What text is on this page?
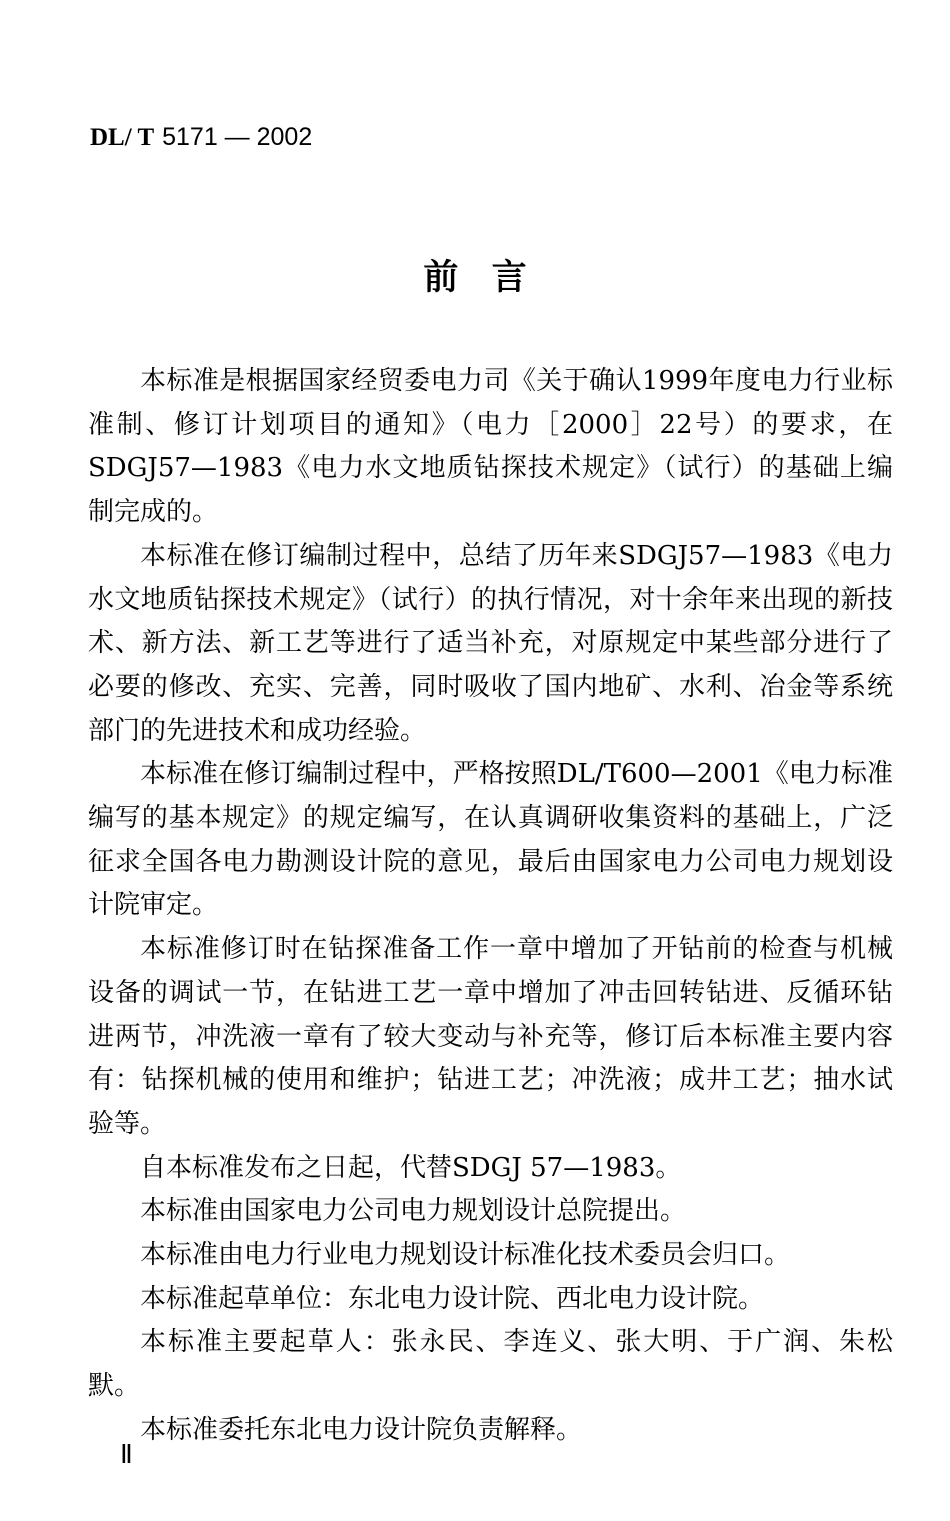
DL/ T 5171 — 2002
前言

本标准是根据国家经贸委电力司《关于确认1999年度电力行业标准制、修订计划项目的通知》（电力［2000］22号）的要求，在SDGJ57—1983《电力水文地质钻探技术规定》（试行）的基础上编制完成的。

本标准在修订编制过程中，总结了历年来SDGJ57—1983《电力水文地质钻探技术规定》（试行）的执行情况，对十余年来出现的新技术、新方法、新工艺等进行了适当补充，对原规定中某些部分进行了必要的修改、充实、完善，同时吸收了国内地矿、水利、冶金等系统部门的先进技术和成功经验。

本标准在修订编制过程中，严格按照DL/T600—2001《电力标准编写的基本规定》的规定编写，在认真调研收集资料的基础上，广泛征求全国各电力勘测设计院的意见，最后由国家电力公司电力规划设计院审定。

本标准修订时在钻探准备工作一章中增加了开钻前的检查与机械设备的调试一节，在钻进工艺一章中增加了冲击回转钻进、反循环钻进两节，冲洗液一章有了较大变动与补充等，修订后本标准主要内容有：钻探机械的使用和维护；钻进工艺；冲洗液；成井工艺；抽水试验等。

自本标准发布之日起，代替SDGJ 57—1983。

本标准由国家电力公司电力规划设计总院提出。

本标准由电力行业电力规划设计标准化技术委员会归口。

本标准起草单位：东北电力设计院、西北电力设计院。

本标准主要起草人：张永民、李连义、张大明、于广润、朱松默。

本标准委托东北电力设计院负责解释。

Ⅱ
